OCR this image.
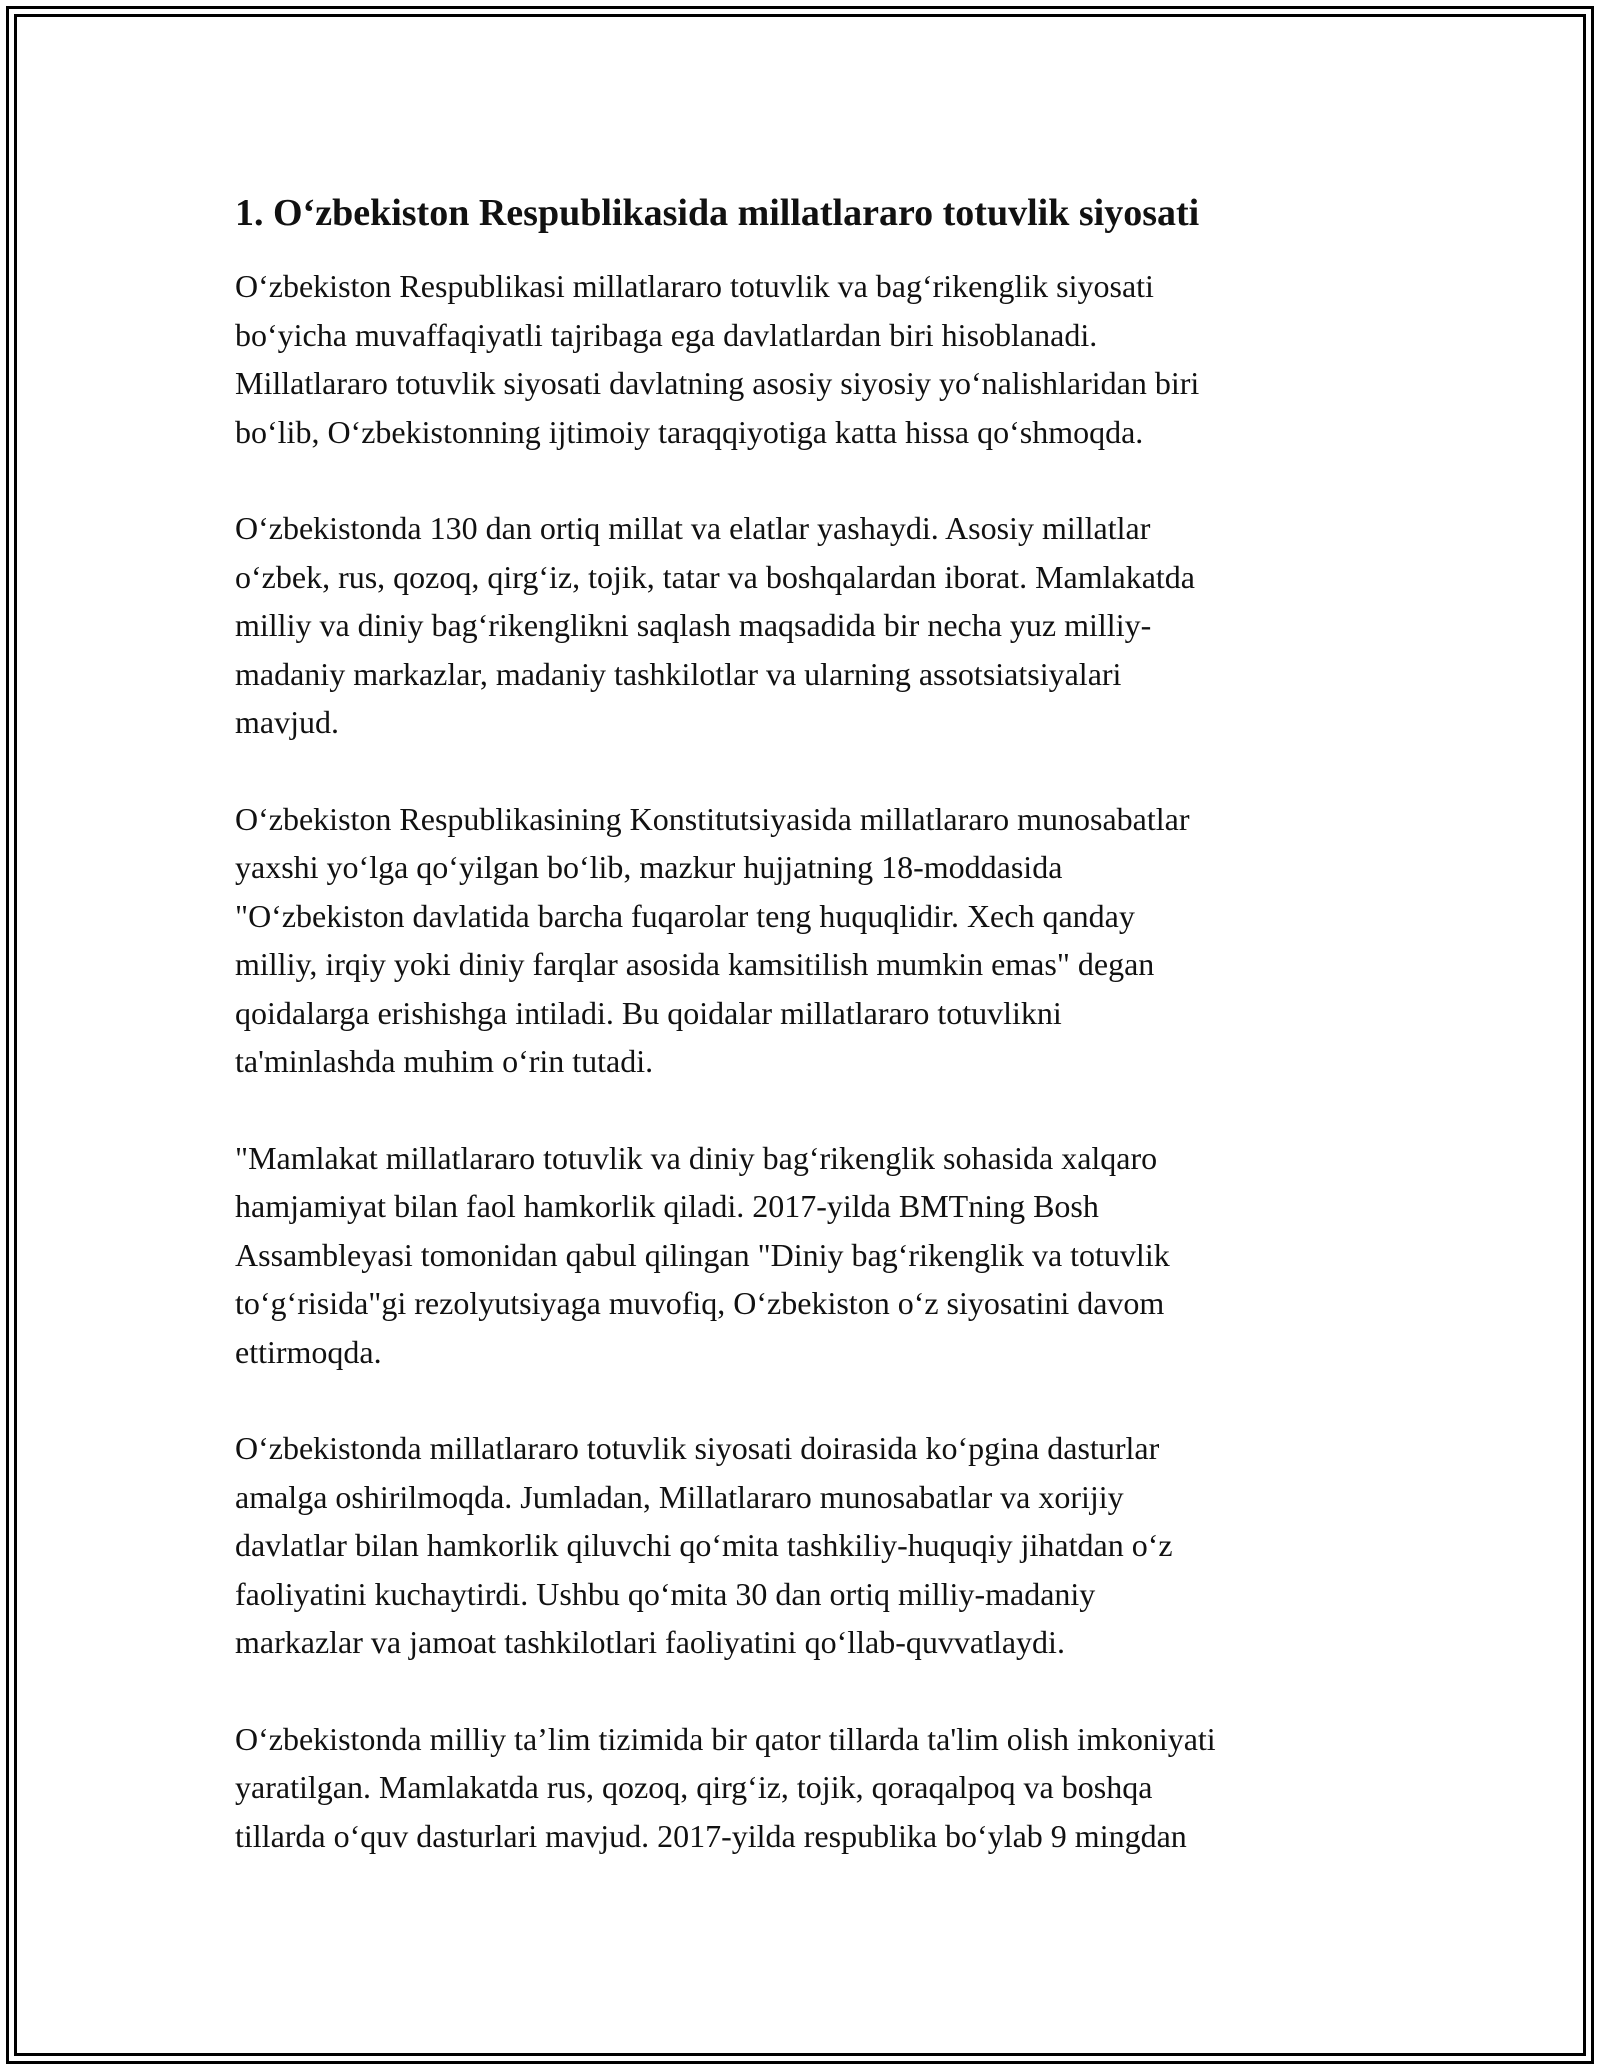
1. O‘zbekiston Respublikasida millatlararo totuvlik siyosati

O‘zbekiston Respublikasi millatlararo totuvlik va bag‘rikenglik siyosati
bo‘yicha muvaffaqiyatli tajribaga ega davlatlardan biri hisoblanadi.
Millatlararo totuvlik siyosati davlatning asosiy siyosiy yo‘nalishlaridan biri
bo‘lib, O‘zbekistonning ijtimoiy taraqqiyotiga katta hissa qo‘shmoqda.

O‘zbekistonda 130 dan ortiq millat va elatlar yashaydi. Asosiy millatlar
o‘zbek, rus, qozoq, qirg‘iz, tojik, tatar va boshqalardan iborat. Mamlakatda
milliy va diniy bag‘rikenglikni saqlash maqsadida bir necha yuz milliy-
madaniy markazlar, madaniy tashkilotlar va ularning assotsiatsiyalari
mavjud.

O‘zbekiston Respublikasining Konstitutsiyasida millatlararo munosabatlar
yaxshi yo‘lga qo‘yilgan bo‘lib, mazkur hujjatning 18-moddasida
"O‘zbekiston davlatida barcha fuqarolar teng huquqlidir. Xech qanday
milliy, irqiy yoki diniy farqlar asosida kamsitilish mumkin emas" degan
qoidalarga erishishga intiladi. Bu qoidalar millatlararo totuvlikni
ta'minlashda muhim o‘rin tutadi.

"Mamlakat millatlararo totuvlik va diniy bag‘rikenglik sohasida xalqaro
hamjamiyat bilan faol hamkorlik qiladi. 2017-yilda BMTning Bosh
Assambleyasi tomonidan qabul qilingan "Diniy bag‘rikenglik va totuvlik
to‘g‘risida"gi rezolyutsiyaga muvofiq, O‘zbekiston o‘z siyosatini davom
ettirmoqda.

O‘zbekistonda millatlararo totuvlik siyosati doirasida ko‘pgina dasturlar
amalga oshirilmoqda. Jumladan, Millatlararo munosabatlar va xorijiy
davlatlar bilan hamkorlik qiluvchi qo‘mita tashkiliy-huquqiy jihatdan o‘z
faoliyatini kuchaytirdi. Ushbu qo‘mita 30 dan ortiq milliy-madaniy
markazlar va jamoat tashkilotlari faoliyatini qo‘llab-quvvatlaydi.

O‘zbekistonda milliy ta’lim tizimida bir qator tillarda ta'lim olish imkoniyati
yaratilgan. Mamlakatda rus, qozoq, qirg‘iz, tojik, qoraqalpoq va boshqa
tillarda o‘quv dasturlari mavjud. 2017-yilda respublika bo‘ylab 9 mingdan
